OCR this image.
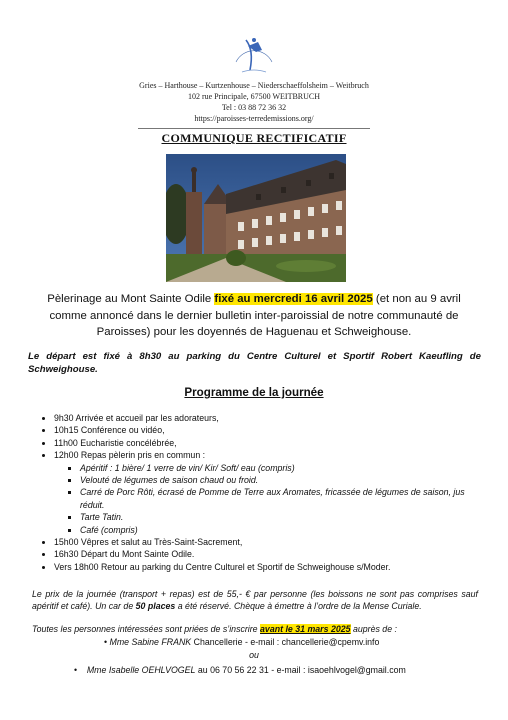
Gries – Harthouse – Kurtzenhouse – Niederschaeffolsheim – Weitbruch
102 rue Principale, 67500 WEITBRUCH
Tel : 03 88 72 36 32
https://paroisses-terredemissions.org/
COMMUNIQUE RECTIFICATIF
Pèlerinage au Mont Sainte Odile fixé au mercredi 16 avril 2025 (et non au 9 avril comme annoncé dans le dernier bulletin inter-paroissial de notre communauté de Paroisses) pour les doyennés de Haguenau et Schweighouse.
Le départ est fixé à 8h30 au parking du Centre Culturel et Sportif Robert Kaeufling de Schweighouse.
Programme de la journée
• 9h30 Arrivée et accueil par les adorateurs,
• 10h15 Conférence ou vidéo,
• 11h00 Eucharistie concélébrée,
• 12h00 Repas pèlerin pris en commun :
▪ Apéritif : 1 bière/ 1 verre de vin/ Kir/ Soft/ eau (compris)
▪ Velouté de légumes de saison chaud ou froid.
▪ Carré de Porc Rôti, écrasé de Pomme de Terre aux Aromates, fricassée de légumes de saison, jus réduit.
▪ Tarte Tatin.
▪ Café (compris)
• 15h00 Vêpres et salut au Très-Saint-Sacrement,
• 16h30 Départ du Mont Sainte Odile.
• Vers 18h00 Retour au parking du Centre Culturel et Sportif de Schweighouse s/Moder.
Le prix de la journée (transport + repas) est de 55,- € par personne (les boissons ne sont pas comprises sauf apéritif et café). Un car de 50 places a été réservé. Chèque à émettre à l’ordre de la Mense Curiale.
Toutes les personnes intéressées sont priées de s’inscrire avant le 31 mars 2025 auprès de :
• Mme Sabine FRANK Chancellerie - e-mail : chancellerie@cpemv.info
ou
•    Mme Isabelle OEHLVOGEL au 06 70 56 22 31 - e-mail : isaoehlvogel@gmail.com
